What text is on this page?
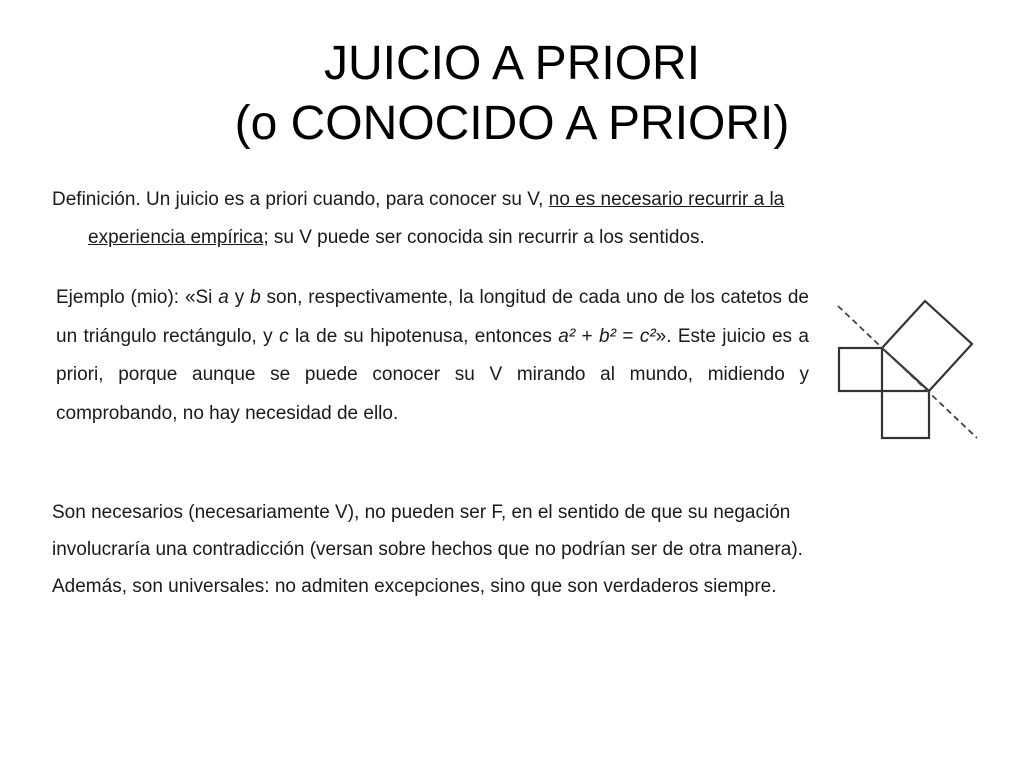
JUICIO A PRIORI
(o CONOCIDO A PRIORI)

Definición. Un juicio es a priori cuando, para conocer su V, no es necesario recurrir a la
experiencia empírica; su V puede ser conocida sin recurrir a los sentidos.

Ejemplo (mio): «Si a y b son, respectivamente, la longitud de cada uno de los catetos de un triángulo rectángulo, y c la de su hipotenusa, entonces a² + b² = c²». Este juicio es a priori, porque aunque se puede conocer su V mirando al mundo, midiendo y comprobando, no hay necesidad de ello.

Son necesarios (necesariamente V), no pueden ser F, en el sentido de que su negación
involucraría una contradicción (versan sobre hechos que no podrían ser de otra manera).
Además, son universales: no admiten excepciones, sino que son verdaderos siempre.
